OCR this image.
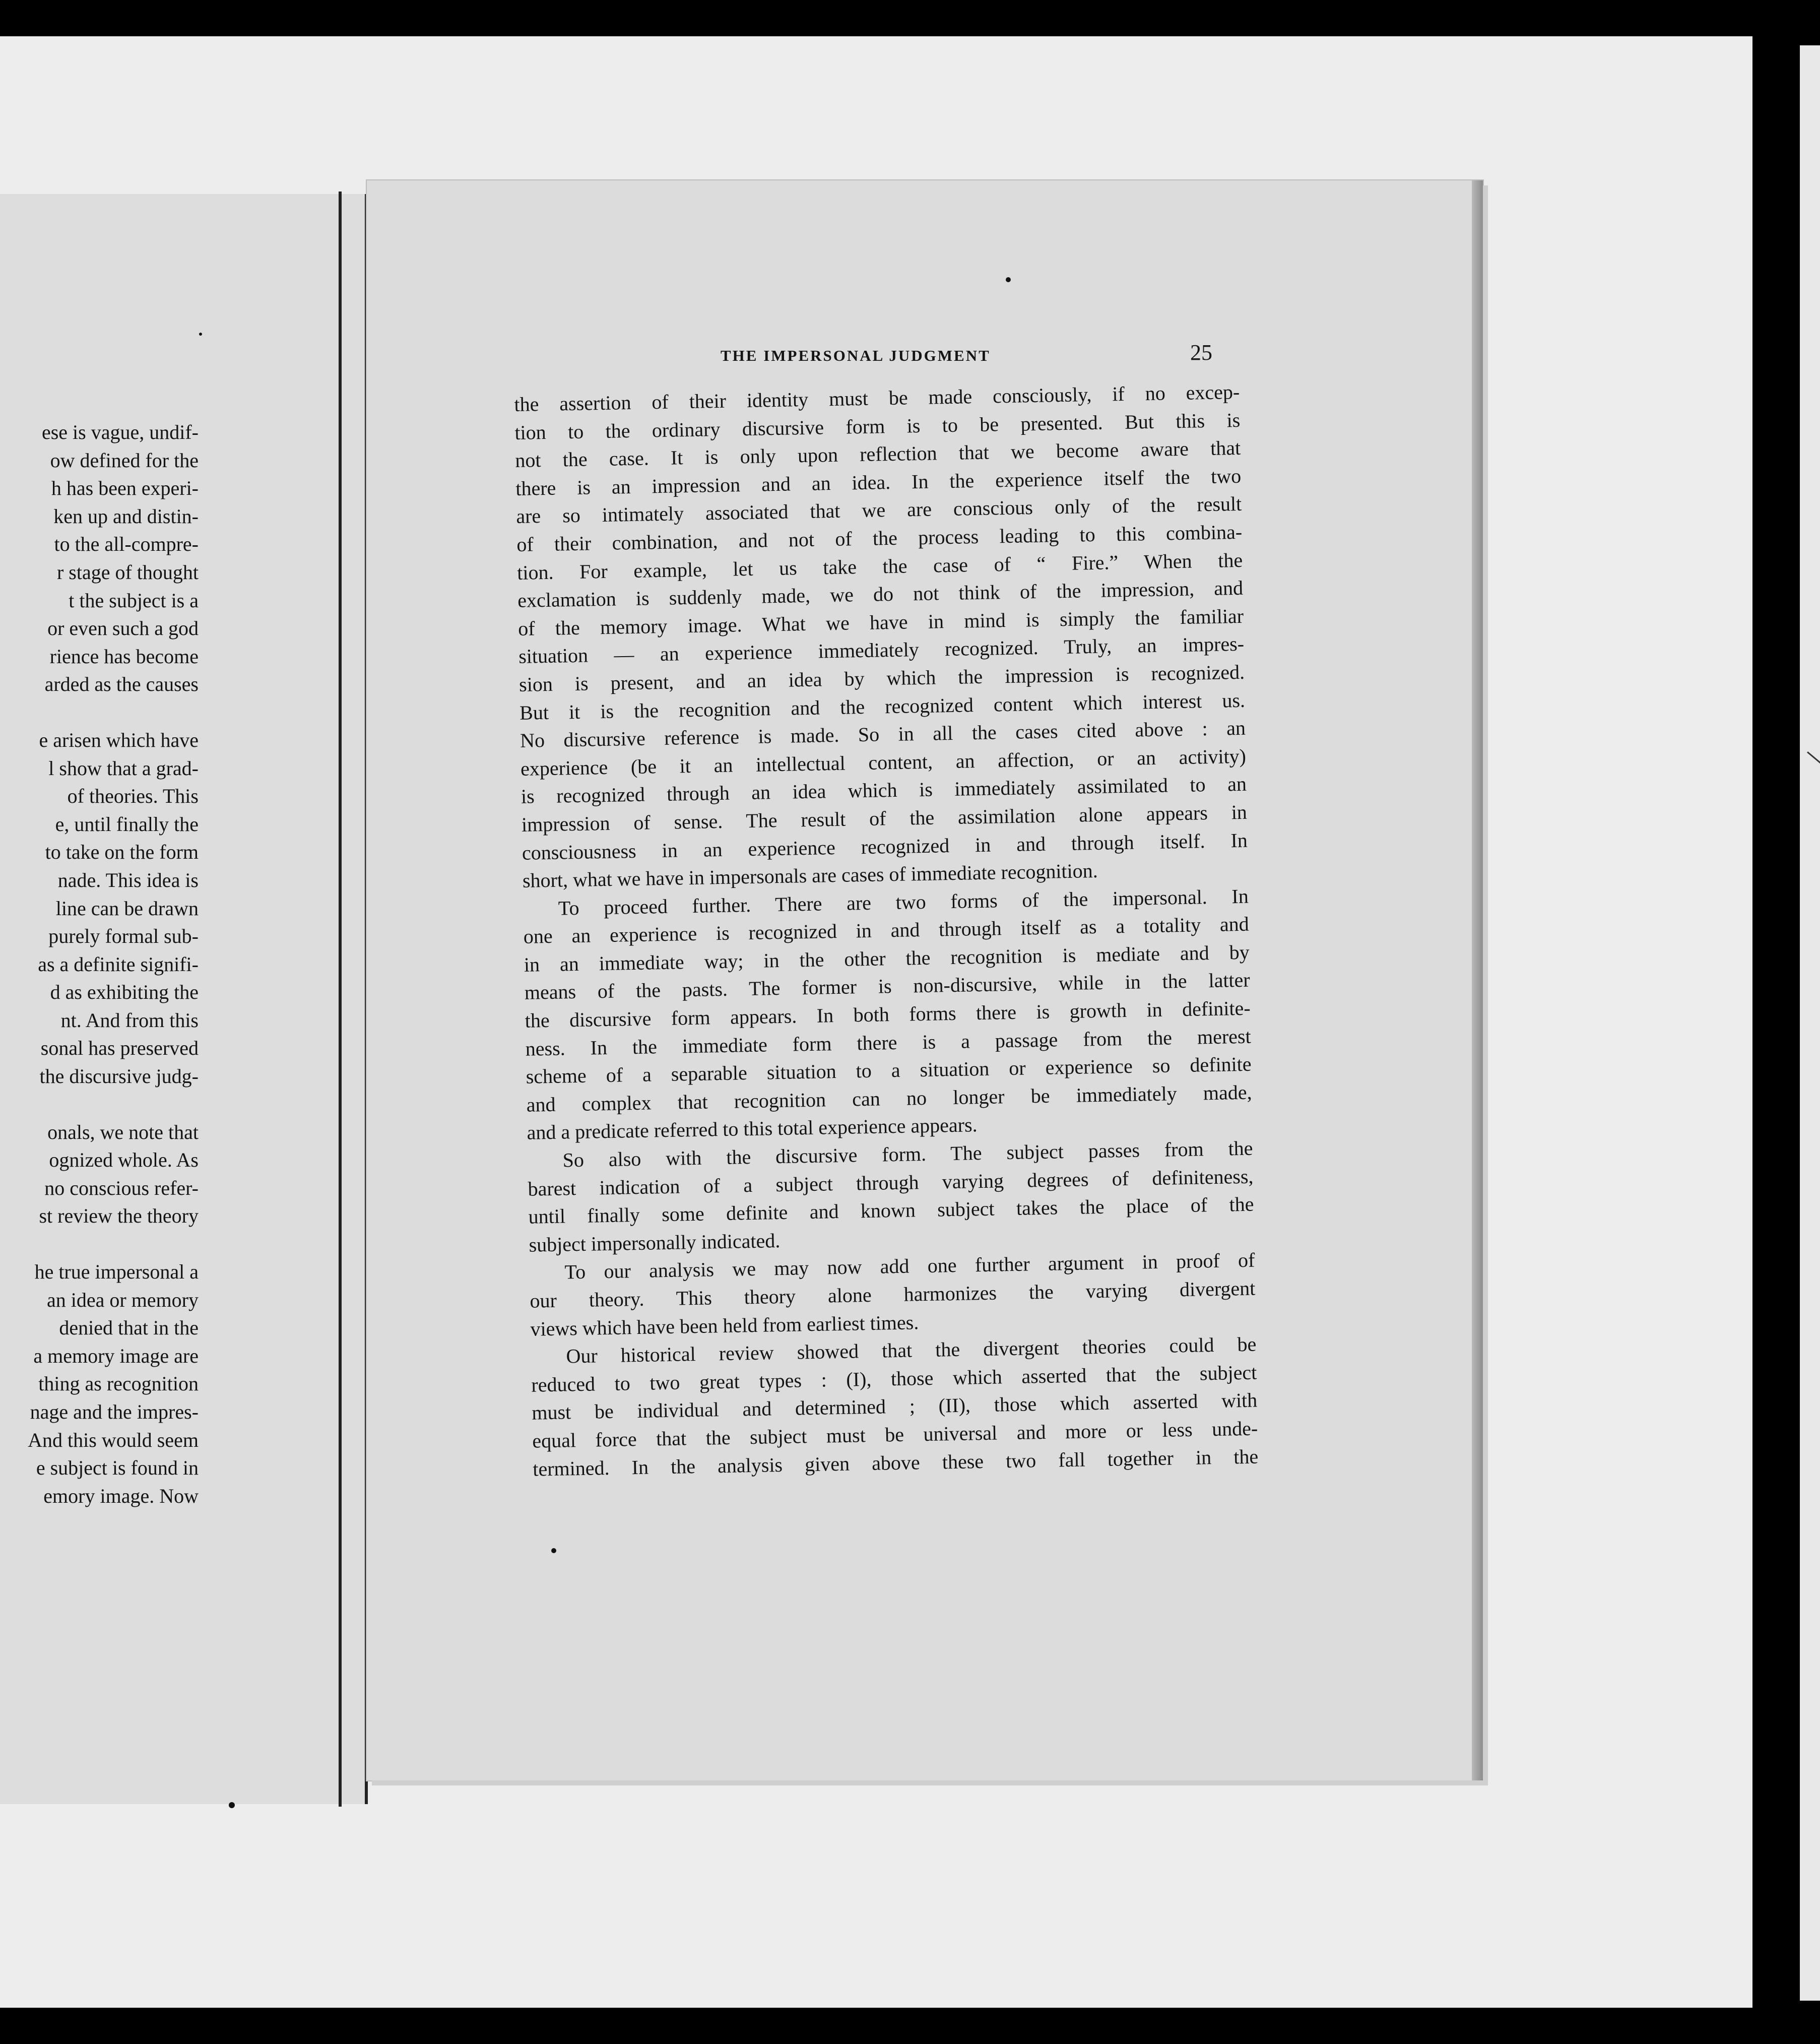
ese is vague, undif-
ow defined for the
h has been experi-
ken up and distin-
to the all-compre-
r stage of thought
t the subject is a
or even such a god
rience has become
arded as the causes
e arisen which have
l show that a grad-
of theories. This
e, until finally the
to take on the form
nade. This idea is
line can be drawn
purely formal sub-
as a definite signifi-
d as exhibiting the
nt. And from this
sonal has preserved
the discursive judg-
onals, we note that
ognized whole. As
no conscious refer-
st review the theory
he true impersonal a
an idea or memory
denied that in the
a memory image are
thing as recognition
nage and the impres-
And this would seem
e subject is found in
emory image. Now
THE IMPERSONAL JUDGMENT	25
the assertion of their identity must be made consciously, if no excep-
tion to the ordinary discursive form is to be presented. But this is
not the case. It is only upon reflection that we become aware that
there is an impression and an idea. In the experience itself the two
are so intimately associated that we are conscious only of the result
of their combination, and not of the process leading to this combina-
tion. For example, let us take the case of “ Fire.” When the
exclamation is suddenly made, we do not think of the impression, and
of the memory image. What we have in mind is simply the familiar
situation — an experience immediately recognized. Truly, an impres-
sion is present, and an idea by which the impression is recognized.
But it is the recognition and the recognized content which interest us.
No discursive reference is made. So in all the cases cited above : an
experience (be it an intellectual content, an affection, or an activity)
is recognized through an idea which is immediately assimilated to an
impression of sense. The result of the assimilation alone appears in
consciousness in an experience recognized in and through itself. In
short, what we have in impersonals are cases of immediate recognition.
To proceed further. There are two forms of the impersonal. In
one an experience is recognized in and through itself as a totality and
in an immediate way; in the other the recognition is mediate and by
means of the pasts. The former is non-discursive, while in the latter
the discursive form appears. In both forms there is growth in definite-
ness. In the immediate form there is a passage from the merest
scheme of a separable situation to a situation or experience so definite
and complex that recognition can no longer be immediately made,
and a predicate referred to this total experience appears.
So also with the discursive form. The subject passes from the
barest indication of a subject through varying degrees of definiteness,
until finally some definite and known subject takes the place of the
subject impersonally indicated.
To our analysis we may now add one further argument in proof of
our theory. This theory alone harmonizes the varying divergent
views which have been held from earliest times.
Our historical review showed that the divergent theories could be
reduced to two great types : (I), those which asserted that the subject
must be individual and determined ; (II), those which asserted with
equal force that the subject must be universal and more or less unde-
termined. In the analysis given above these two fall together in the
